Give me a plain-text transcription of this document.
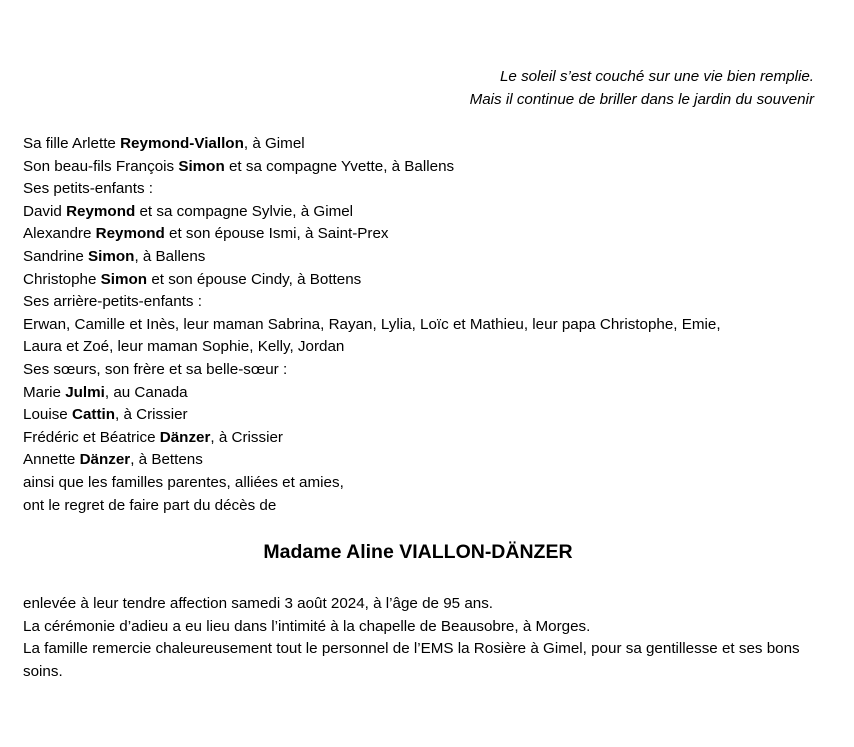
Le soleil s’est couché sur une vie bien remplie.
Mais il continue de briller dans le jardin du souvenir
Sa fille Arlette Reymond-Viallon, à Gimel
Son beau-fils François Simon et sa compagne Yvette, à Ballens
Ses petits-enfants :
David Reymond et sa compagne Sylvie, à Gimel
Alexandre Reymond et son épouse Ismi, à Saint-Prex
Sandrine Simon, à Ballens
Christophe Simon et son épouse Cindy, à Bottens
Ses arrière-petits-enfants :
Erwan, Camille et Inès, leur maman Sabrina, Rayan, Lylia, Loïc et Mathieu, leur papa Christophe, Emie,
Laura et Zoé, leur maman Sophie, Kelly, Jordan
Ses sœurs, son frère et sa belle-sœur :
Marie Julmi, au Canada
Louise Cattin, à Crissier
Frédéric et Béatrice Dänzer, à Crissier
Annette Dänzer, à Bettens
ainsi que les familles parentes, alliées et amies,
ont le regret de faire part du décès de
Madame Aline VIALLON-DÄNZER
enlevée à leur tendre affection samedi 3 août 2024, à l’âge de 95 ans.
La cérémonie d’adieu a eu lieu dans l’intimité à la chapelle de Beausobre, à Morges.
La famille remercie chaleureusement tout le personnel de l’EMS la Rosière à Gimel, pour sa gentillesse et ses bons soins.
